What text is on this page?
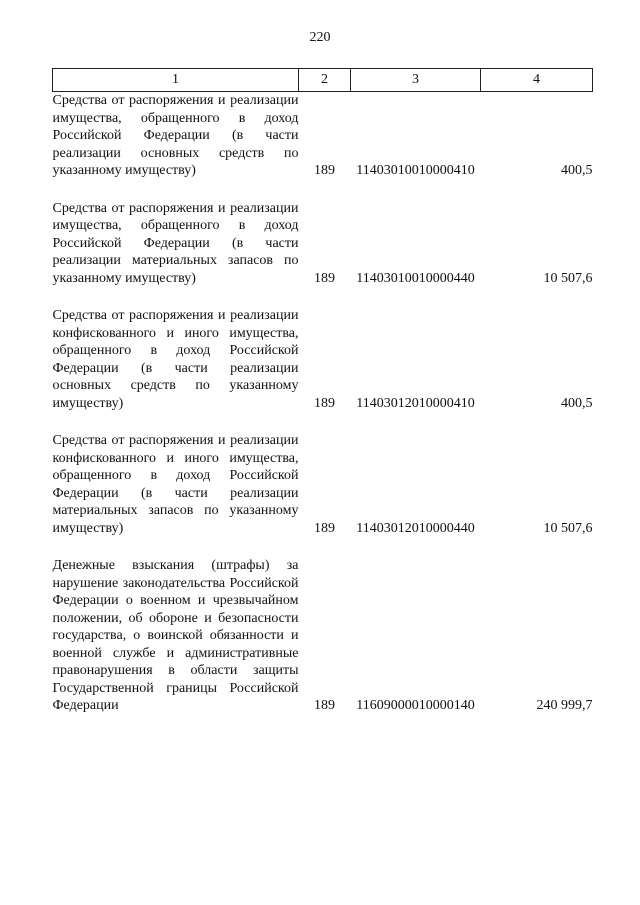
220
1	2	3	4
Средства от распоряжения и реализации имущества, обращенного в доход Российской Федерации (в части реализации основных средств по указанному имуществу)	189	11403010010000410	400,5

Средства от распоряжения и реализации имущества, обращенного в доход Российской Федерации (в части реализации материальных запасов по указанному имуществу)	189	11403010010000440	10 507,6

Средства от распоряжения и реализации конфискованного и иного имущества, обращенного в доход Российской Федерации (в части реализации основных средств по указанному имуществу)	189	11403012010000410	400,5

Средства от распоряжения и реализации конфискованного и иного имущества, обращенного в доход Российской Федерации (в части реализации материальных запасов по указанному имуществу)	189	11403012010000440	10 507,6

Денежные взыскания (штрафы) за нарушение законодательства Российской Федерации о военном и чрезвычайном положении, об обороне и безопасности государства, о воинской обязанности и военной службе и административные правонарушения в области защиты Государственной границы Российской Федерации	189	11609000010000140	240 999,7
